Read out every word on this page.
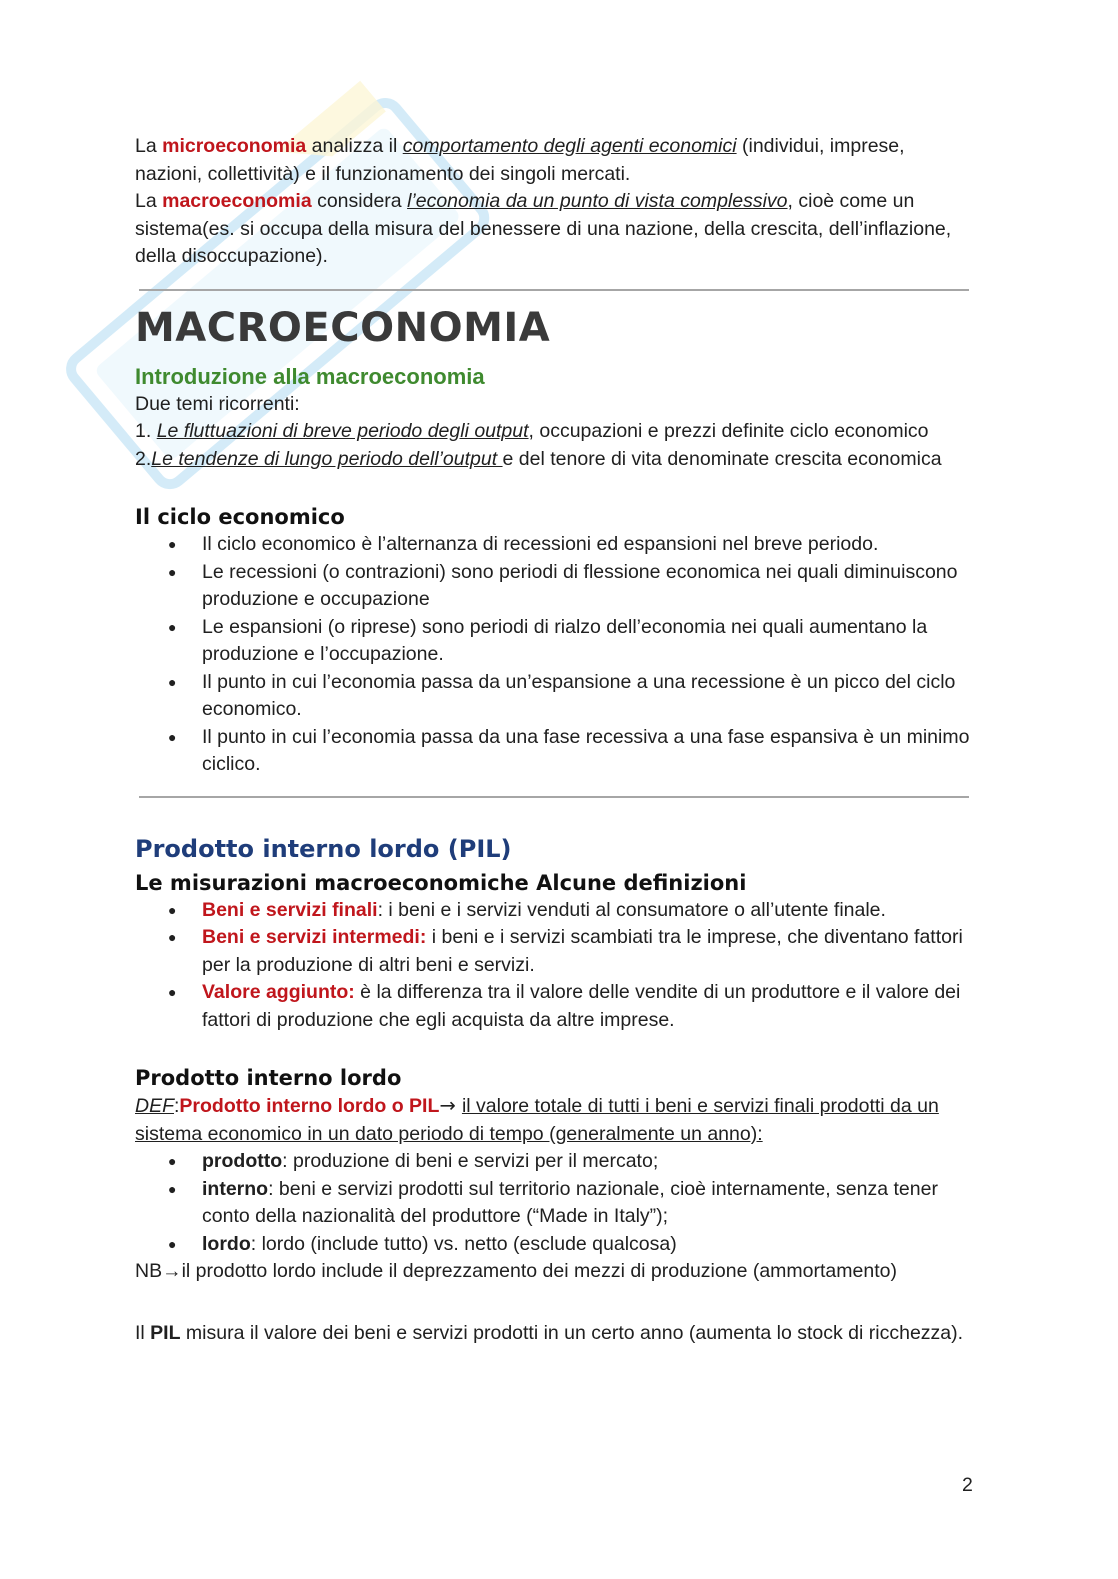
La microeconomia analizza il comportamento degli agenti economici (individui, imprese, nazioni, collettività) e il funzionamento dei singoli mercati.

La macroeconomia considera l’economia da un punto di vista complessivo, cioè come un sistema(es. si occupa della misura del benessere di una nazione, della crescita, dell’inflazione, della disoccupazione).

MACROECONOMIA
Introduzione alla macroeconomia

Due temi ricorrenti:

1. Le fluttuazioni di breve periodo degli output, occupazioni e prezzi definite ciclo economico

2.Le tendenze di lungo periodo dell’output e del tenore di vita denominate crescita economica

Il ciclo economico
● Il ciclo economico è l’alternanza di recessioni ed espansioni nel breve periodo.
● Le recessioni (o contrazioni) sono periodi di flessione economica nei quali diminuiscono produzione e occupazione
● Le espansioni (o riprese) sono periodi di rialzo dell’economia nei quali aumentano la produzione e l’occupazione.
● Il punto in cui l’economia passa da un’espansione a una recessione è un picco del ciclo economico.
● Il punto in cui l’economia passa da una fase recessiva a una fase espansiva è un minimo ciclico.
Prodotto interno lordo (PIL)
Le misurazioni macroeconomiche Alcune definizioni
● Beni e servizi finali: i beni e i servizi venduti al consumatore o all’utente finale.
● Beni e servizi intermedi: i beni e i servizi scambiati tra le imprese, che diventano fattori per la produzione di altri beni e servizi.
● Valore aggiunto: è la differenza tra il valore delle vendite di un produttore e il valore dei fattori di produzione che egli acquista da altre imprese.
Prodotto interno lordo

DEF:Prodotto interno lordo o PIL→ il valore totale di tutti i beni e servizi finali prodotti da un sistema economico in un dato periodo di tempo (generalmente un anno):

● prodotto: produzione di beni e servizi per il mercato;
● interno: beni e servizi prodotti sul territorio nazionale, cioè internamente, senza tener conto della nazionalità del produttore (“Made in Italy”);
● lordo: lordo (include tutto) vs. netto (esclude qualcosa)

NB→il prodotto lordo include il deprezzamento dei mezzi di produzione (ammortamento)

Il PIL misura il valore dei beni e servizi prodotti in un certo anno (aumenta lo stock di ricchezza).

2
